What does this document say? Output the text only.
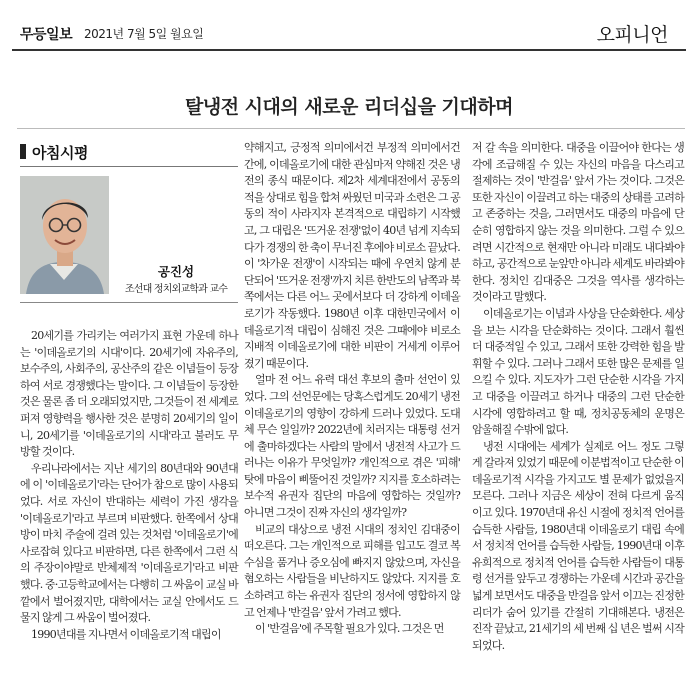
무등일보 2021년 7월 5일 월요일	오피니언
탈냉전 시대의 새로운 리더십을 기대하며
아침시평
공진성
조선대 정치외교학과 교수

20세기를 가리키는 여러가지 표현 가운데 하나는 '이데올로기의 시대'이다. 20세기에 자유주의, 보수주의, 사회주의, 공산주의 같은 이념들이 등장하여 서로 경쟁했다는 말이다. 그 이념들이 등장한 것은 물론 좀 더 오래되었지만, 그것들이 전 세계로 퍼져 영향력을 행사한 것은 분명히 20세기의 일이니, 20세기를 '이데올로기의 시대'라고 불러도 무방할 것이다.

우리나라에서는 지난 세기의 80년대와 90년대에 이 '이데올로기'라는 단어가 참으로 많이 사용되었다. 서로 자신이 반대하는 세력이 가진 생각을 '이데올로기'라고 부르며 비판했다. 한쪽에서 상대방이 마치 주술에 걸려 있는 것처럼 '이데올로기'에 사로잡혀 있다고 비판하면, 다른 한쪽에서 그런 식의 주장이야말로 반체제적 '이데올로기'라고 비판했다. 중·고등학교에서는 다행히 그 싸움이 교실 바깥에서 벌어졌지만, 대학에서는 교실 안에서도 드물지 않게 그 싸움이 벌어졌다.

1990년대를 지나면서 이데올로기적 대립이

약해지고, 긍정적 의미에서건 부정적 의미에서건 간에, 이데올로기에 대한 관심마저 약해진 것은 냉전의 종식 때문이다. 제2차 세계대전에서 공동의 적을 상대로 힘을 합쳐 싸웠던 미국과 소련은 그 공동의 적이 사라지자 본격적으로 대립하기 시작했고, 그 대립은 '뜨거운 전쟁'없이 40년 넘게 지속되다가 경쟁의 한 축이 무너진 후에야 비로소 끝났다. 이 '차가운 전쟁'이 시작되는 때에 우연치 않게 분단되어 '뜨거운 전쟁'까지 치른 한반도의 남쪽과 북쪽에서는 다른 어느 곳에서보다 더 강하게 이데올로기가 작동했다. 1980년 이후 대한민국에서 이데올로기적 대립이 심해진 것은 그때에야 비로소 지배적 이데올로기에 대한 비판이 거세게 이루어졌기 때문이다.

얼마 전 어느 유력 대선 후보의 출마 선언이 있었다. 그의 선언문에는 당혹스럽게도 20세기 냉전 이데올로기의 영향이 강하게 드러나 있었다. 도대체 무슨 일일까? 2022년에 치러지는 대통령 선거에 출마하겠다는 사람의 말에서 냉전적 사고가 드러나는 이유가 무엇일까? 개인적으로 겪은 '피해' 탓에 마음이 삐뚤어진 것일까? 지지를 호소하려는 보수적 유권자 집단의 마음에 영합하는 것일까? 아니면 그것이 진짜 자신의 생각일까?

비교의 대상으로 냉전 시대의 정치인 김대중이 떠오른다. 그는 개인적으로 피해를 입고도 결코 복수심을 품거나 증오심에 빠지지 않았으며, 자신을 혐오하는 사람들을 비난하지도 않았다. 지지를 호소하려고 하는 유권자 집단의 정서에 영합하지 않고 언제나 '반걸음' 앞서 가려고 했다.

이 '반걸음'에 주목할 필요가 있다. 그것은 먼

저 갈 속을 의미한다. 대중을 이끌어야 한다는 생각에 조급해질 수 있는 자신의 마음을 다스리고 절제하는 것이 '반걸음' 앞서 가는 것이다. 그것은 또한 자신이 이끌려고 하는 대중의 상태를 고려하고 존중하는 것을, 그러면서도 대중의 마음에 단순히 영합하지 않는 것을 의미한다. 그럴 수 있으려면 시간적으로 현재만 아니라 미래도 내다봐야 하고, 공간적으로 눈앞만 아니라 세계도 바라봐야 한다. 정치인 김대중은 그것을 역사를 생각하는 것이라고 말했다.

이데올로기는 이념과 사상을 단순화한다. 세상을 보는 시각을 단순화하는 것이다. 그래서 훨씬 더 대중적일 수 있고, 그래서 또한 강력한 힘을 발휘할 수 있다. 그러나 그래서 또한 많은 문제를 일으킬 수 있다. 지도자가 그런 단순한 시각을 가지고 대중을 이끌려고 하거나 대중의 그런 단순한 시각에 영합하려고 할 때, 정치공동체의 운명은 암울해질 수밖에 없다.

냉전 시대에는 세계가 실제로 어느 정도 그렇게 갈라져 있었기 때문에 이분법적이고 단순한 이데올로기적 시각을 가지고도 별 문제가 없었을지 모른다. 그러나 지금은 세상이 전혀 다르게 움직이고 있다. 1970년대 유신 시절에 정치적 언어를 습득한 사람들, 1980년대 이데올로기 대립 속에서 정치적 언어를 습득한 사람들, 1990년대 이후 유희적으로 정치적 언어를 습득한 사람들이 대통령 선거를 앞두고 경쟁하는 가운데 시간과 공간을 넓게 보면서도 대중을 반걸음 앞서 이끄는 진정한 리더가 숨어 있기를 간절히 기대해본다. 냉전은 진작 끝났고, 21세기의 세 번째 십 년은 벌써 시작되었다.
